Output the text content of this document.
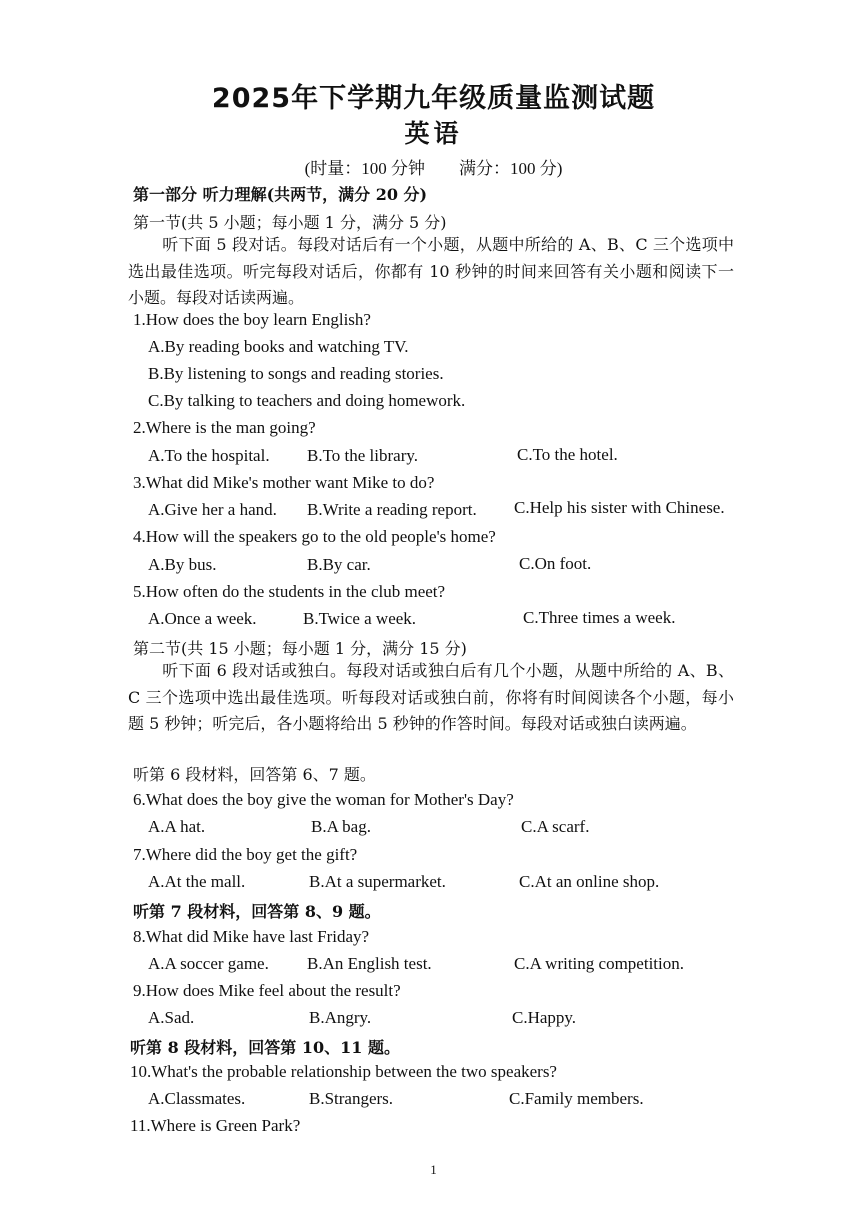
2025年下学期九年级质量监测试题
英语
(时量：100 分钟 满分：100 分)
第一部分 听力理解(共两节，满分 20 分)
第一节(共 5 小题；每小题 1 分，满分 5 分)
听下面 5 段对话。每段对话后有一个小题，从题中所给的 A、B、C 三个选项中选出最佳选项。听完每段对话后，你都有 10 秒钟的时间来回答有关小题和阅读下一小题。每段对话读两遍。
1.How does the boy learn English?
A.By reading books and watching TV.
B.By listening to songs and reading stories.
C.By talking to teachers and doing homework.
2.Where is the man going?
A.To the hospital. B.To the library.	C.To the hotel.
3.What did Mike's mother want Mike to do?
A.Give her a hand. B.Write a reading report. C.Help his sister with Chinese.
4.How will the speakers go to the old people's home?
A.By bus.	B.By car.	C.On foot.
5.How often do the students in the club meet?
A.Once a week.	B.Twice a week.	C.Three times a week.
第二节(共 15 小题；每小题 1 分，满分 15 分)
听下面 6 段对话或独白。每段对话或独白后有几个小题，从题中所给的 A、B、C 三个选项中选出最佳选项。听每段对话或独白前，你将有时间阅读各个小题，每小题 5 秒钟；听完后，各小题将给出 5 秒钟的作答时间。每段对话或独白读两遍。
听第 6 段材料，回答第 6、7 题。
6.What does the boy give the woman for Mother's Day?
A.A hat.	B.A bag.	C.A scarf.
7.Where did the boy get the gift?
A.At the mall.	B.At a supermarket.	C.At an online shop.
听第 7 段材料，回答第 8、9 题。
8.What did Mike have last Friday?
A.A soccer game. B.An English test.	C.A writing competition.
9.How does Mike feel about the result?
A.Sad.	B.Angry.	C.Happy.
听第 8 段材料，回答第 10、11 题。
10.What's the probable relationship between the two speakers?
A.Classmates.	B.Strangers.	C.Family members.
11.Where is Green Park?
1
